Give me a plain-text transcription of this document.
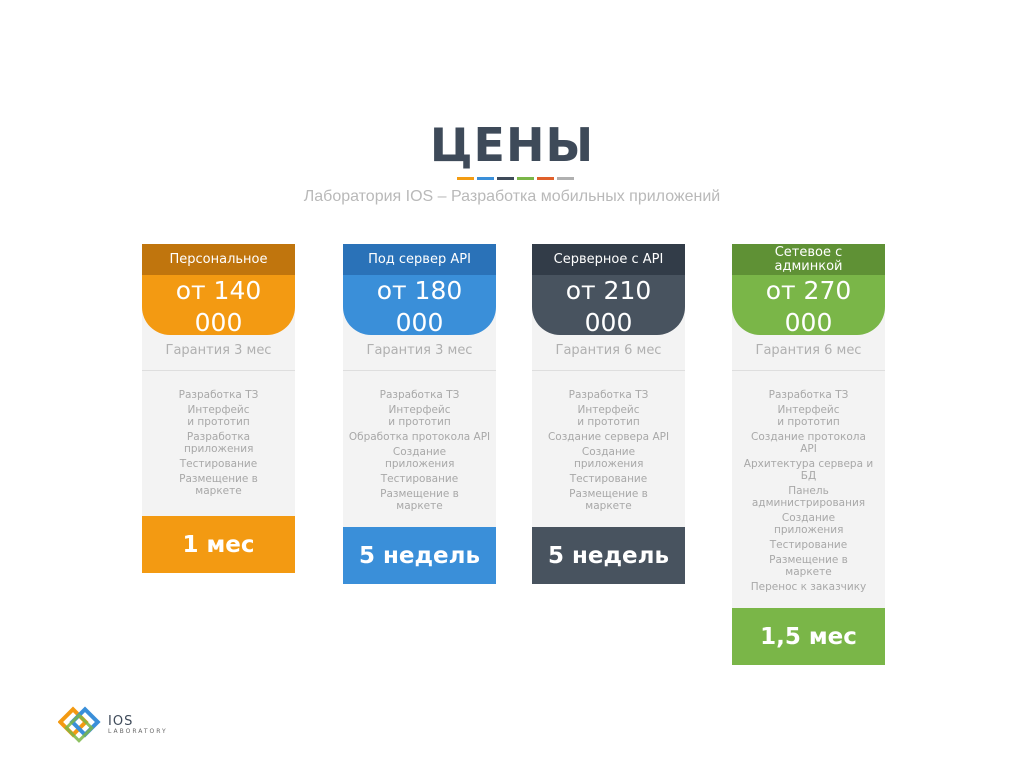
ЦЕНЫ
Лаборатория IOS – Разработка мобильных приложений
Персональное
от 140
000
Гарантия 3 мес
Разработка ТЗ
Интерфейс и прототип
Разработка приложения
Тестирование
Размещение в маркете
1 мес
Под сервер API
от 180
000
Гарантия 3 мес
Разработка ТЗ
Интерфейс и прототип
Обработка протокола API
Создание приложения
Тестирование
Размещение в маркете
5 недель
Серверное с API
от 210
000
Гарантия 6 мес
Разработка ТЗ
Интерфейс и прототип
Создание сервера API
Создание приложения
Тестирование
Размещение в маркете
5 недель
Сетевое с админкой
от 270
000
Гарантия 6 мес
Разработка ТЗ
Интерфейс и прототип
Создание протокола API
Архитектура сервера и БД
Панель администрирования
Создание приложения
Тестирование
Размещение в маркете
Перенос к заказчику
1,5 мес
IOS
LABORATORY
